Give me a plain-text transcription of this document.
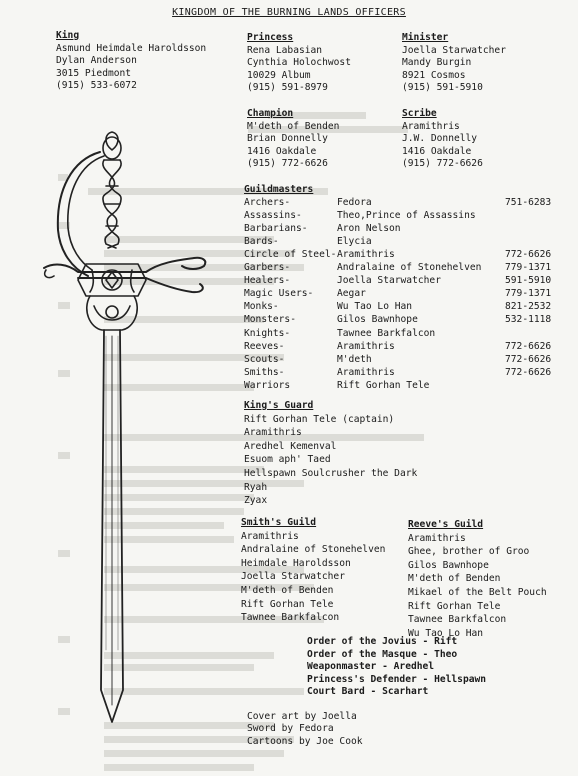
KINGDOM OF THE BURNING LANDS OFFICERS
King
Asmund Heimdale Haroldsson
Dylan Anderson
3015 Piedmont
(915) 533-6072
Princess
Rena Labasian
Cynthia Holochwost
10029 Album
(915) 591-8979
Minister
Joella Starwatcher
Mandy Burgin
8921 Cosmos
(915) 591-5910
Champion
M'deth of Benden
Brian Donnelly
1416 Oakdale
(915) 772-6626
Scribe
Aramithris
J.W. Donnelly
1416 Oakdale
(915) 772-6626
Guildmasters
Archers-	Fedora	751-6283
Assassins-	Theo,Prince of Assassins
Barbarians-	Aron Nelson
Bards-	Elycia
Circle of Steel- Aramithris	772-6626
Garbers-	Andralaine of Stonehelven 779-1371
Healers-	Joella Starwatcher	591-5910
Magic Users- Aegar	779-1371
Monks-	Wu Tao Lo Han	821-2532
Monsters-	Gilos Bawnhope	532-1118
Knights-	Tawnee Barkfalcon
Reeves-	Aramithris	772-6626
Scouts-	M'deth	772-6626
Smiths-	Aramithris	772-6626
Warriors	Rift Gorhan Tele
King's Guard
Rift Gorhan Tele (captain)
Aramithris
Aredhel Kemenval
Esuom aph' Taed
Hellspawn Soulcrusher the Dark
Ryah
Zyax
Smith's Guild
Aramithris
Andralaine of Stonehelven
Heimdale Haroldsson
Joella Starwatcher
M'deth of Benden
Rift Gorhan Tele
Tawnee Barkfalcon
Reeve's Guild
Aramithris
Ghee, brother of Groo
Gilos Bawnhope
M'deth of Benden
Mikael of the Belt Pouch
Rift Gorhan Tele
Tawnee Barkfalcon
Wu Tao Lo Han
Order of the Jovius - Rift
Order of the Masque - Theo
Weaponmaster - Aredhel
Princess's Defender - Hellspawn
Court Bard - Scarhart
Cover art by Joella
Sword by Fedora
Cartoons by Joe Cook
